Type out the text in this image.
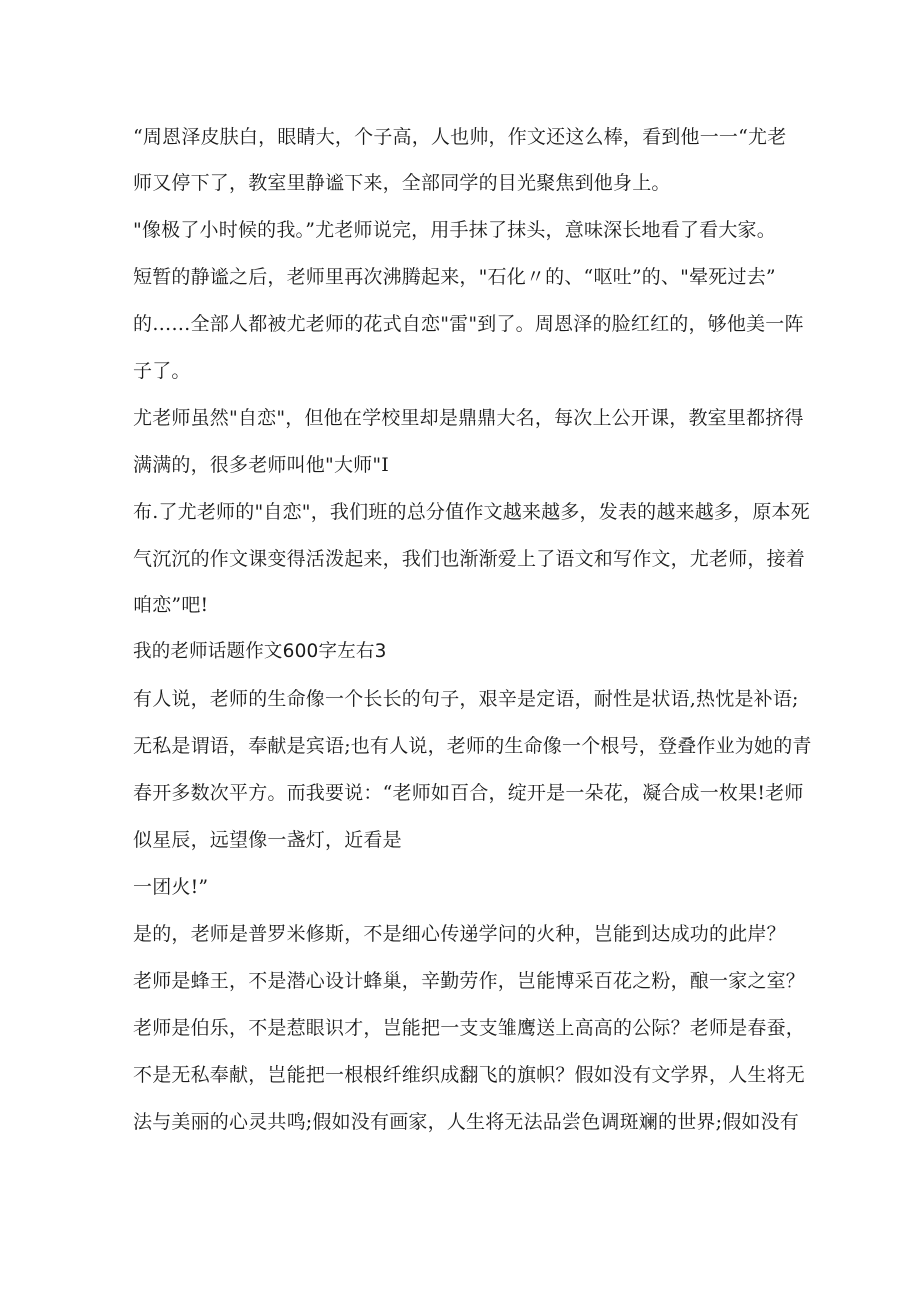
“周恩泽皮肤白，眼睛大，个子高，人也帅，作文还这么棒，看到他一一“尤老
师又停下了，教室里静谧下来，全部同学的目光聚焦到他身上。
"像极了小时候的我。”尤老师说完，用手抹了抹头，意味深长地看了看大家。
短暂的静谧之后，老师里再次沸腾起来，"石化〃的、“呕吐”的、"晕死过去”
的……全部人都被尤老师的花式自恋"雷"到了。周恩泽的脸红红的，够他美一阵
子了。
尤老师虽然"自恋"，但他在学校里却是鼎鼎大名，每次上公开课，教室里都挤得
满满的，很多老师叫他"大师"I
布.了尤老师的"自恋"，我们班的总分值作文越来越多，发表的越来越多，原本死
气沉沉的作文课变得活泼起来，我们也渐渐爱上了语文和写作文，尤老师，接着
咱恋”吧!
我的老师话题作文600字左右3
有人说，老师的生命像一个长长的句子，艰辛是定语，耐性是状语,热忱是补语;
无私是谓语，奉献是宾语;也有人说，老师的生命像一个根号，登叠作业为她的青
春开多数次平方。而我要说：“老师如百合，绽开是一朵花，凝合成一枚果!老师
似星辰，远望像一盏灯，近看是
一团火!”
是的，老师是普罗米修斯，不是细心传递学问的火种，岂能到达成功的此岸？
老师是蜂王，不是潜心设计蜂巢，辛勤劳作，岂能博采百花之粉，酿一家之室？
老师是伯乐，不是惹眼识才，岂能把一支支雏鹰送上高高的公际？老师是春蚕，
不是无私奉献，岂能把一根根纤维织成翻飞的旗帜？假如没有文学界，人生将无
法与美丽的心灵共鸣;假如没有画家，人生将无法品尝色调斑斓的世界;假如没有
